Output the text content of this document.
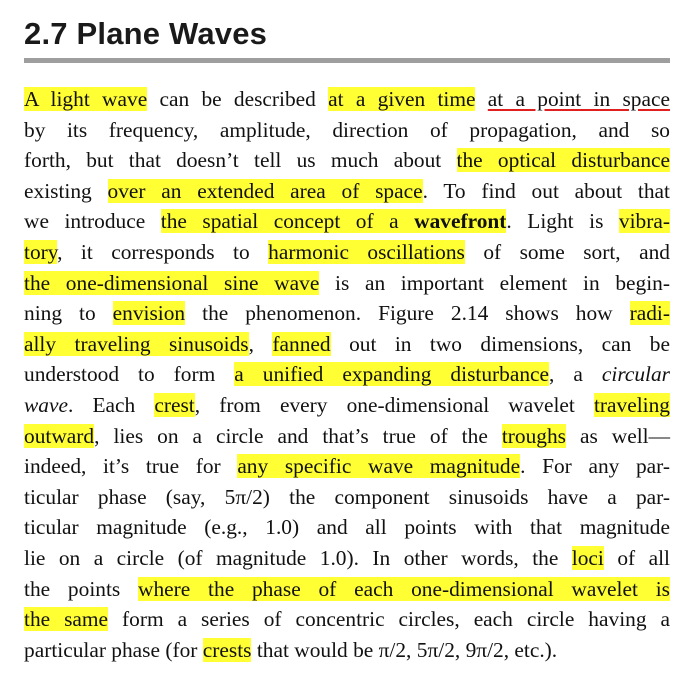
2.7 Plane Waves
A light wave can be described at a given time at a point in space
by its frequency, amplitude, direction of propagation, and so
forth, but that doesn’t tell us much about the optical disturbance
existing over an extended area of space. To find out about that
we introduce the spatial concept of a wavefront. Light is vibra-
tory, it corresponds to harmonic oscillations of some sort, and
the one-dimensional sine wave is an important element in begin-
ning to envision the phenomenon. Figure 2.14 shows how radi-
ally traveling sinusoids, fanned out in two dimensions, can be
understood to form a unified expanding disturbance, a circular
wave. Each crest, from every one-dimensional wavelet traveling
outward, lies on a circle and that’s true of the troughs as well—
indeed, it’s true for any specific wave magnitude. For any par-
ticular phase (say, 5π/2) the component sinusoids have a par-
ticular magnitude (e.g., 1.0) and all points with that magnitude
lie on a circle (of magnitude 1.0). In other words, the loci of all
the points where the phase of each one-dimensional wavelet is
the same form a series of concentric circles, each circle having a
particular phase (for crests that would be π/2, 5π/2, 9π/2, etc.).
